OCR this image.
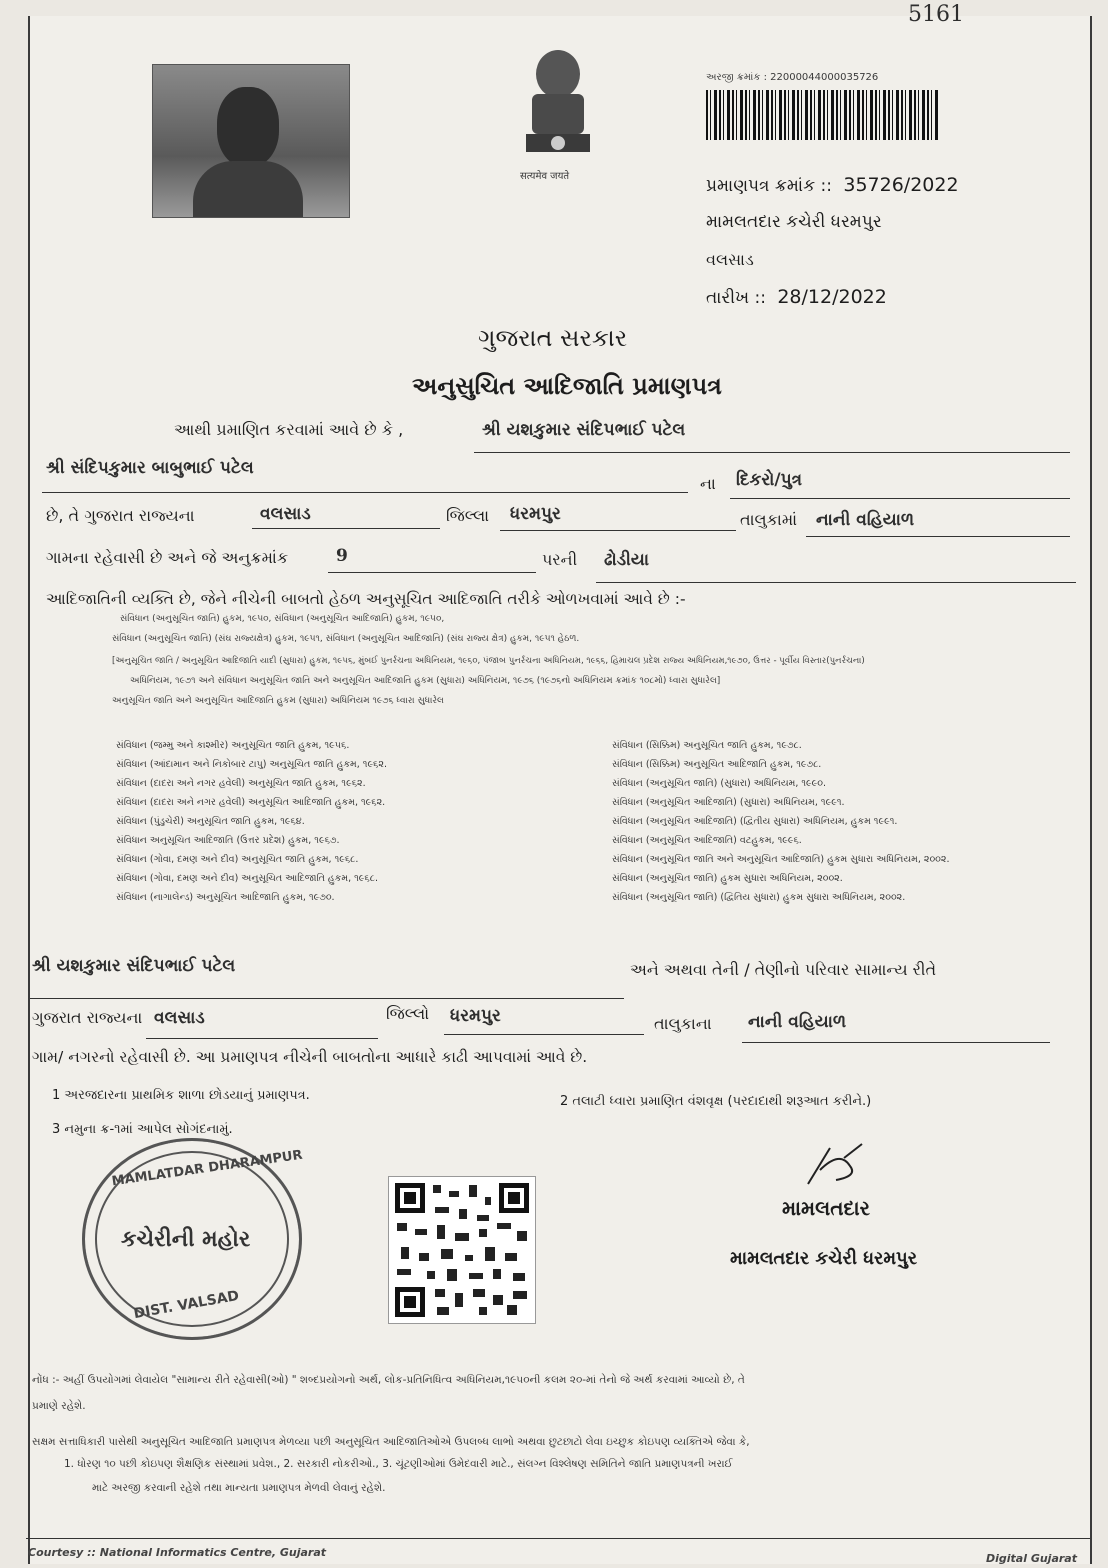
सत्यमेव जयते
5161
અરજી ક્રમાંક : 22000044000035726
પ્રમાણપત્ર ક્રમાંક :: 35726/2022
મામલતદાર કચેરી ધરમપુર
વલસાડ
તારીખ :: 28/12/2022
ગુજરાત સરકાર
અનુસુચિત આદિજાતિ પ્રમાણપત્ર
આથી પ્રમાણિત કરવામાં આવે છે કે ,	શ્રી યશકુમાર સંદિપભાઈ પટેલ
શ્રી સંદિપકુમાર બાબુભાઈ પટેલ
ના દિકરો/પુત્ર
છે, તે ગુજરાત રાજ્યના	વલસાડ	જિલ્લા ધરમપુર	તાલુકામાં નાની વહિયાળ
ગામના રહેવાસી છે અને જે અનુક્રમાંક	9	પરની ઢોડીયા
આદિજાતિની વ્યક્તિ છે, જેને નીચેની બાબતો હેઠળ અનુસૂચિત આદિજાતિ તરીકે ઓળખવામાં આવે છે :-
સંવિધાન (અનુસૂચિત જાતિ) હુકમ, ૧૯૫૦, સંવિધાન (અનુસૂચિત આદિજાતિ) હુકમ, ૧૯૫૦,
સંવિધાન (અનુસૂચિત જાતિ) (સંઘ રાજ્યક્ષેત્ર) હુકમ, ૧૯૫૧, સંવિધાન (અનુસૂચિત આદિજાતિ) (સંઘ રાજ્ય ક્ષેત્ર) હુકમ, ૧૯૫૧ હેઠળ.
[અનુસૂચિત જાતિ / અનુસૂચિત આદિજાતિ યાદી (સુધારા) હુકમ, ૧૯૫૬, મુંબઈ પુનર્રચના અધિનિયમ, ૧૯૬૦, પંજાબ પુનર્રચના અધિનિયમ, ૧૯૬૬, હિમાચલ પ્રદેશ રાજ્ય અધિનિયમ,૧૯૭૦, ઉત્તર - પૂર્વીય વિસ્તાર(પુનર્રચના)
અધિનિયમ, ૧૯૭૧ અને સંવિધાન અનુસૂચિત જાતિ અને અનુસૂચિત આદિજાતિ હુકમ (સુધારા) અધિનિયમ, ૧૯૭૬ (૧૯૭૬નો અધિનિયમ ક્રમાંક ૧૦૮મો) ધ્વારા સુધારેલ]
અનુસૂચિત જાતિ અને અનુસૂચિત આદિજાતિ હુકમ (સુધારા) અધિનિયમ ૧૯૭૬ ધ્વારા સુધારેલ
સંવિધાન (જમ્મુ અને કાશ્મીર) અનુસૂચિત જાતિ હુકમ, ૧૯૫૬.
સંવિધાન (આંદામાન અને નિકોબાર ટાપુ) અનુસૂચિત જાતિ હુકમ, ૧૯૬૨.
સંવિધાન (દાદરા અને નગર હવેલી) અનુસૂચિત જાતિ હુકમ, ૧૯૬૨.
સંવિધાન (દાદરા અને નગર હવેલી) અનુસૂચિત આદિજાતિ હુકમ, ૧૯૬૨.
સંવિધાન (પુંડુચેરી) અનુસૂચિત જાતિ હુકમ, ૧૯૬૪.
સંવિધાન અનુસૂચિત આદિજાતિ (ઉત્તર પ્રદેશ) હુકમ, ૧૯૬૭.
સંવિધાન (ગોવા, દમણ અને દીવ) અનુસૂચિત જાતિ હુકમ, ૧૯૬૮.
સંવિધાન (ગોવા, દમણ અને દીવ) અનુસૂચિત આદિજાતિ હુકમ, ૧૯૬૮.
સંવિધાન (નાગાલેન્ડ) અનુસૂચિત આદિજાતિ હુકમ, ૧૯૭૦.
સંવિધાન (સિક્કિમ) અનુસૂચિત જાતિ હુકમ, ૧૯૭૮.
સંવિધાન (સિક્કિમ) અનુસૂચિત આદિજાતિ હુકમ, ૧૯૭૮.
સંવિધાન (અનુસૂચિત જાતિ) (સુધારા) અધિનિયમ, ૧૯૯૦.
સંવિધાન (અનુસૂચિત આદિજાતિ) (સુધારા) અધિનિયમ, ૧૯૯૧.
સંવિધાન (અનુસૂચિત આદિજાતિ) (દ્વિતીય સુધારા) અધિનિયમ, હુકમ ૧૯૯૧.
સંવિધાન (અનુસૂચિત આદિજાતિ) વટહુકમ, ૧૯૯૬.
સંવિધાન (અનુસૂચિત જાતિ અને અનુસૂચિત આદિજાતિ) હુકમ સુધારા અધિનિયમ, ૨૦૦૨.
સંવિધાન (અનુસૂચિત જાતિ) હુકમ સુધારા અધિનિયમ, ૨૦૦૨.
સંવિધાન (અનુસૂચિત જાતિ) (દ્વિતિય સુધારા) હુકમ સુધારા અધિનિયમ, ૨૦૦૨.
શ્રી યશકુમાર સંદિપભાઈ પટેલ	અને અથવા તેની / તેણીનો પરિવાર સામાન્ય રીતે
ગુજરાત રાજ્યના વલસાડ	જિલ્લો ધરમપુર	તાલુકાના નાની વહિયાળ
ગામ/ નગરનો રહેવાસી છે. આ પ્રમાણપત્ર નીચેની બાબતોના આધારે કાઢી આપવામાં આવે છે.
1 અરજદારના પ્રાથમિક શાળા છોડયાનું પ્રમાણપત્ર.	2 તલાટી ધ્વારા પ્રમાણિત વંશવૃક્ષ (પરદાદાથી શરૂઆત કરીને.)
3 નમુના ક્ર-૧માં આપેલ સોગંદનામું.
MAMLATDAR DHARAMPUR
કચેરીની મહોર
DIST. VALSAD
મામલતદાર
મામલતદાર કચેરી ધરમપુર
નોંધ :- અહીં ઉપયોગમાં લેવાયેલ "સામાન્ય રીતે રહેવાસી(ઓ) " શબ્દપ્રયોગનો અર્થ, લોક-પ્રતિનિધિત્વ અધિનિયમ,૧૯૫૦ની કલમ ૨૦-માં તેનો જે અર્થ કરવામાં આવ્યો છે, તે
પ્રમાણે રહેશે.
સક્ષમ સત્તાધિકારી પાસેથી અનુસૂચિત આદિજાતિ પ્રમાણપત્ર મેળવ્યા પછી અનુસૂચિત આદિજાતિઓએ ઉપલબ્ધ લાભો અથવા છુટછાટો લેવા ઇચ્છુક કોઇપણ વ્યક્તિએ જેવા કે,
1. ધોરણ ૧૦ પછી કોઇપણ શૈક્ષણિક સંસ્થામાં પ્રવેશ., 2. સરકારી નોકરીઓ., 3. ચૂંટણીઓમાં ઉમેદવારી માટે., સંલગ્ન વિશ્લેષણ સમિતિને જાતિ પ્રમાણપત્રની ખરાઈ
માટે અરજી કરવાની રહેશે તથા માન્યતા પ્રમાણપત્ર મેળવી લેવાનું રહેશે.
Courtesy :: National Informatics Centre, Gujarat	Digital Gujarat
